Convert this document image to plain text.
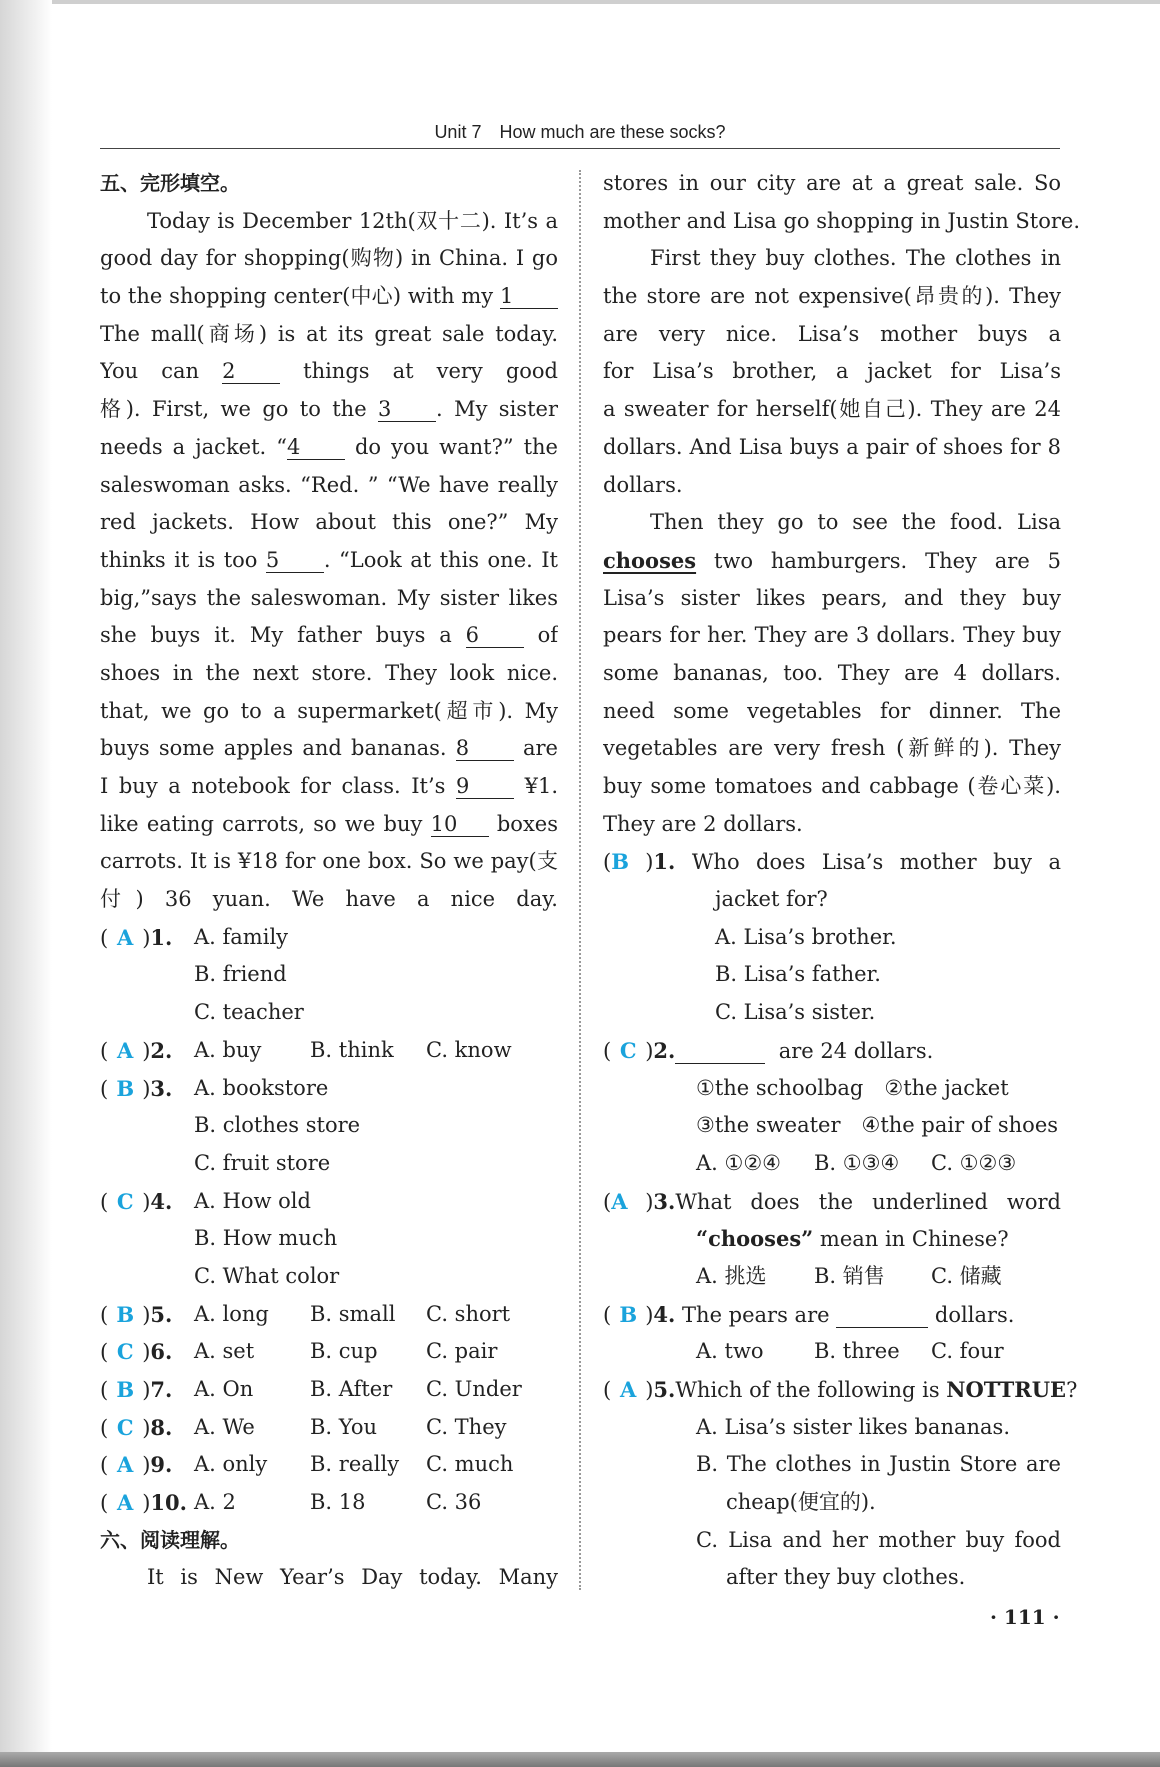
Unit 7　How much are these socks?
五、完形填空。
Today is December 12th(双十二). It’s a
good day for shopping(购物) in China. I go
to the shopping center(中心) with my 1
The mall(商场) is at its great sale today.
You can 2	things at very good
格). First, we go to the 3 . My sister
needs a jacket. “4 do you want?” the
saleswoman asks. “Red. ” “We have really
red jackets. How about this one?” My
thinks it is too 5 . “Look at this one. It
big,”says the saleswoman. My sister likes
she buys it. My father buys a 6	of
shoes in the next store. They look nice.
that, we go to a supermarket(超市). My
buys some apples and bananas. 8	are
I buy a notebook for class. It’s 9	¥1.
like eating carrots, so we buy 10 boxes
carrots. It is ¥18 for one box. So we pay(支
付) 36 yuan. We have a nice day.
( A )1. A. family
B. friend
C. teacher
( A )2. A. buy B. think C. know
( B )3. A. bookstore
B. clothes store
C. fruit store
( C )4. A. How old
B. How much
C. What color
( B )5. A. long B. small C. short
( C )6. A. set	B. cup C. pair
( B )7. A. On	B. After C. Under
( C )8. A. We	B. You C. They
( A )9. A. only B. really C. much
( A )10. A. 2	B. 18	C. 36
六、阅读理解。
It is New Year’s Day today. Many
stores in our city are at a great sale. So
mother and Lisa go shopping in Justin Store.
First they buy clothes. The clothes in
the store are not expensive(昂贵的). They
are very nice. Lisa’s mother buys a
for Lisa’s brother, a jacket for Lisa’s
a sweater for herself(她自己). They are 24
dollars. And Lisa buys a pair of shoes for 8
dollars.
Then they go to see the food. Lisa
chooses two hamburgers. They are 5
Lisa’s sister likes pears, and they buy
pears for her. They are 3 dollars. They buy
some bananas, too. They are 4 dollars.
need some vegetables for dinner. The
vegetables are very fresh (新鲜的). They
buy some tomatoes and cabbage (卷心菜).
They are 2 dollars.
(B )1. Who does Lisa’s mother buy a
jacket for?
A. Lisa’s brother.
B. Lisa’s father.
C. Lisa’s sister.
( C )2.	are 24 dollars.
①the schoolbag　②the jacket
③the sweater　④the pair of shoes
A. ①②④ B. ①③④ C. ①②③
(A )3.What does the underlined word
“chooses” mean in Chinese?
A. 挑选 B. 销售 C. 储藏
( B )4. The pears are	dollars.
A. two B. three C. four
( A )5.Which of the following is NOTTRUE?
A. Lisa’s sister likes bananas.
B. The clothes in Justin Store are
cheap(便宜的).
C. Lisa and her mother buy food
after they buy clothes.
· 111 ·
